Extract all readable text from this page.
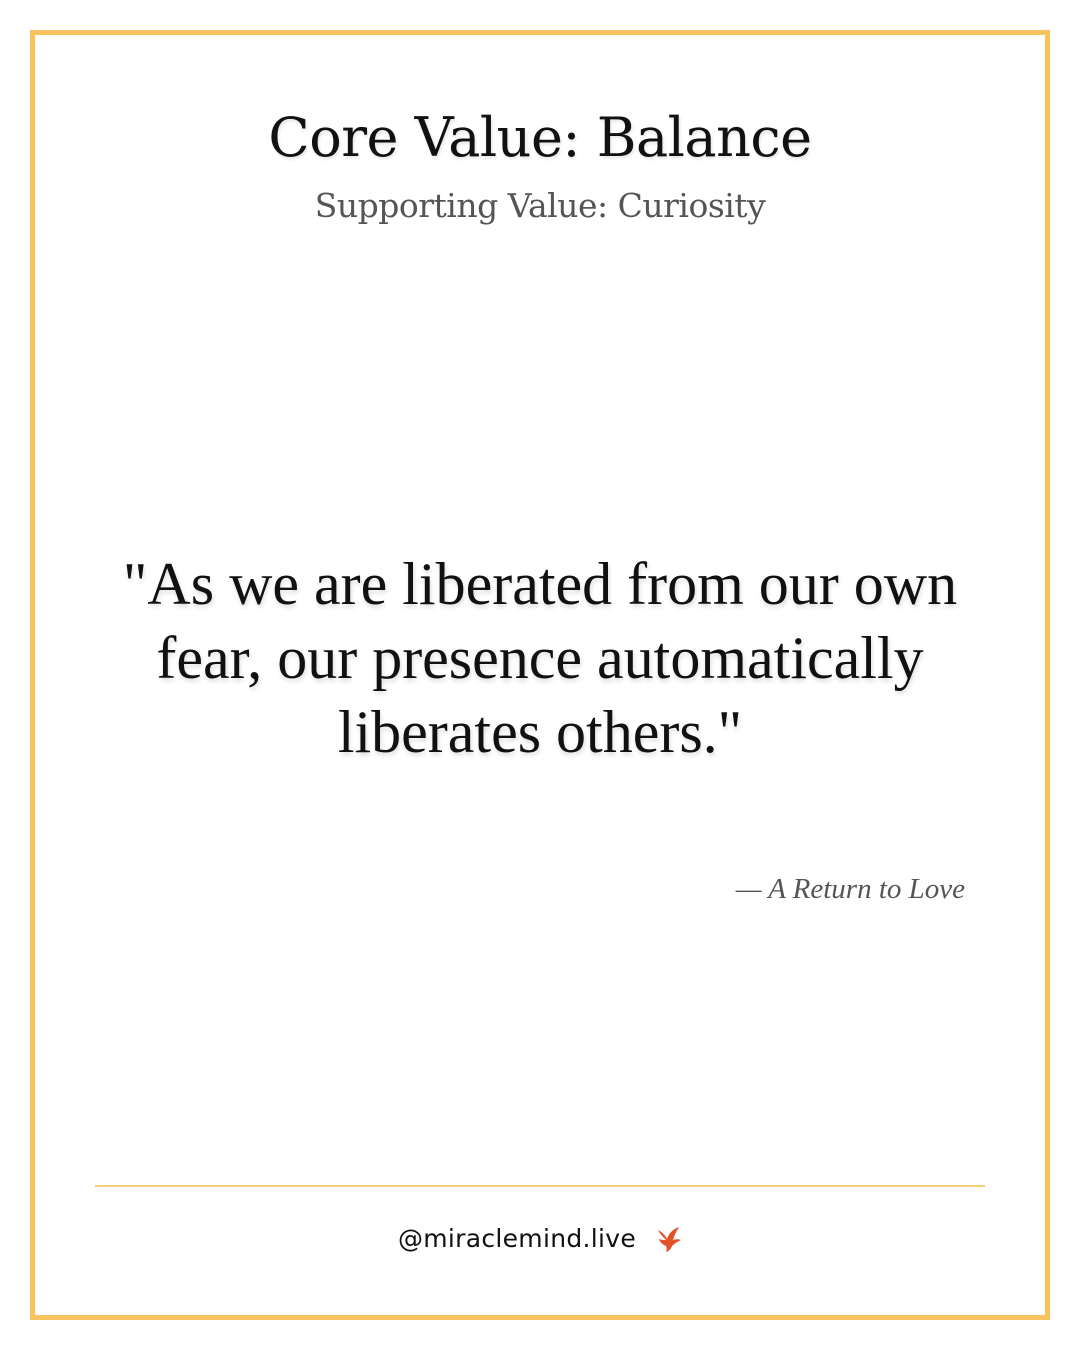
Core Value: Balance
Supporting Value: Curiosity
"As we are liberated from our own fear, our presence automatically liberates others."
— A Return to Love
@miraclemind.live
